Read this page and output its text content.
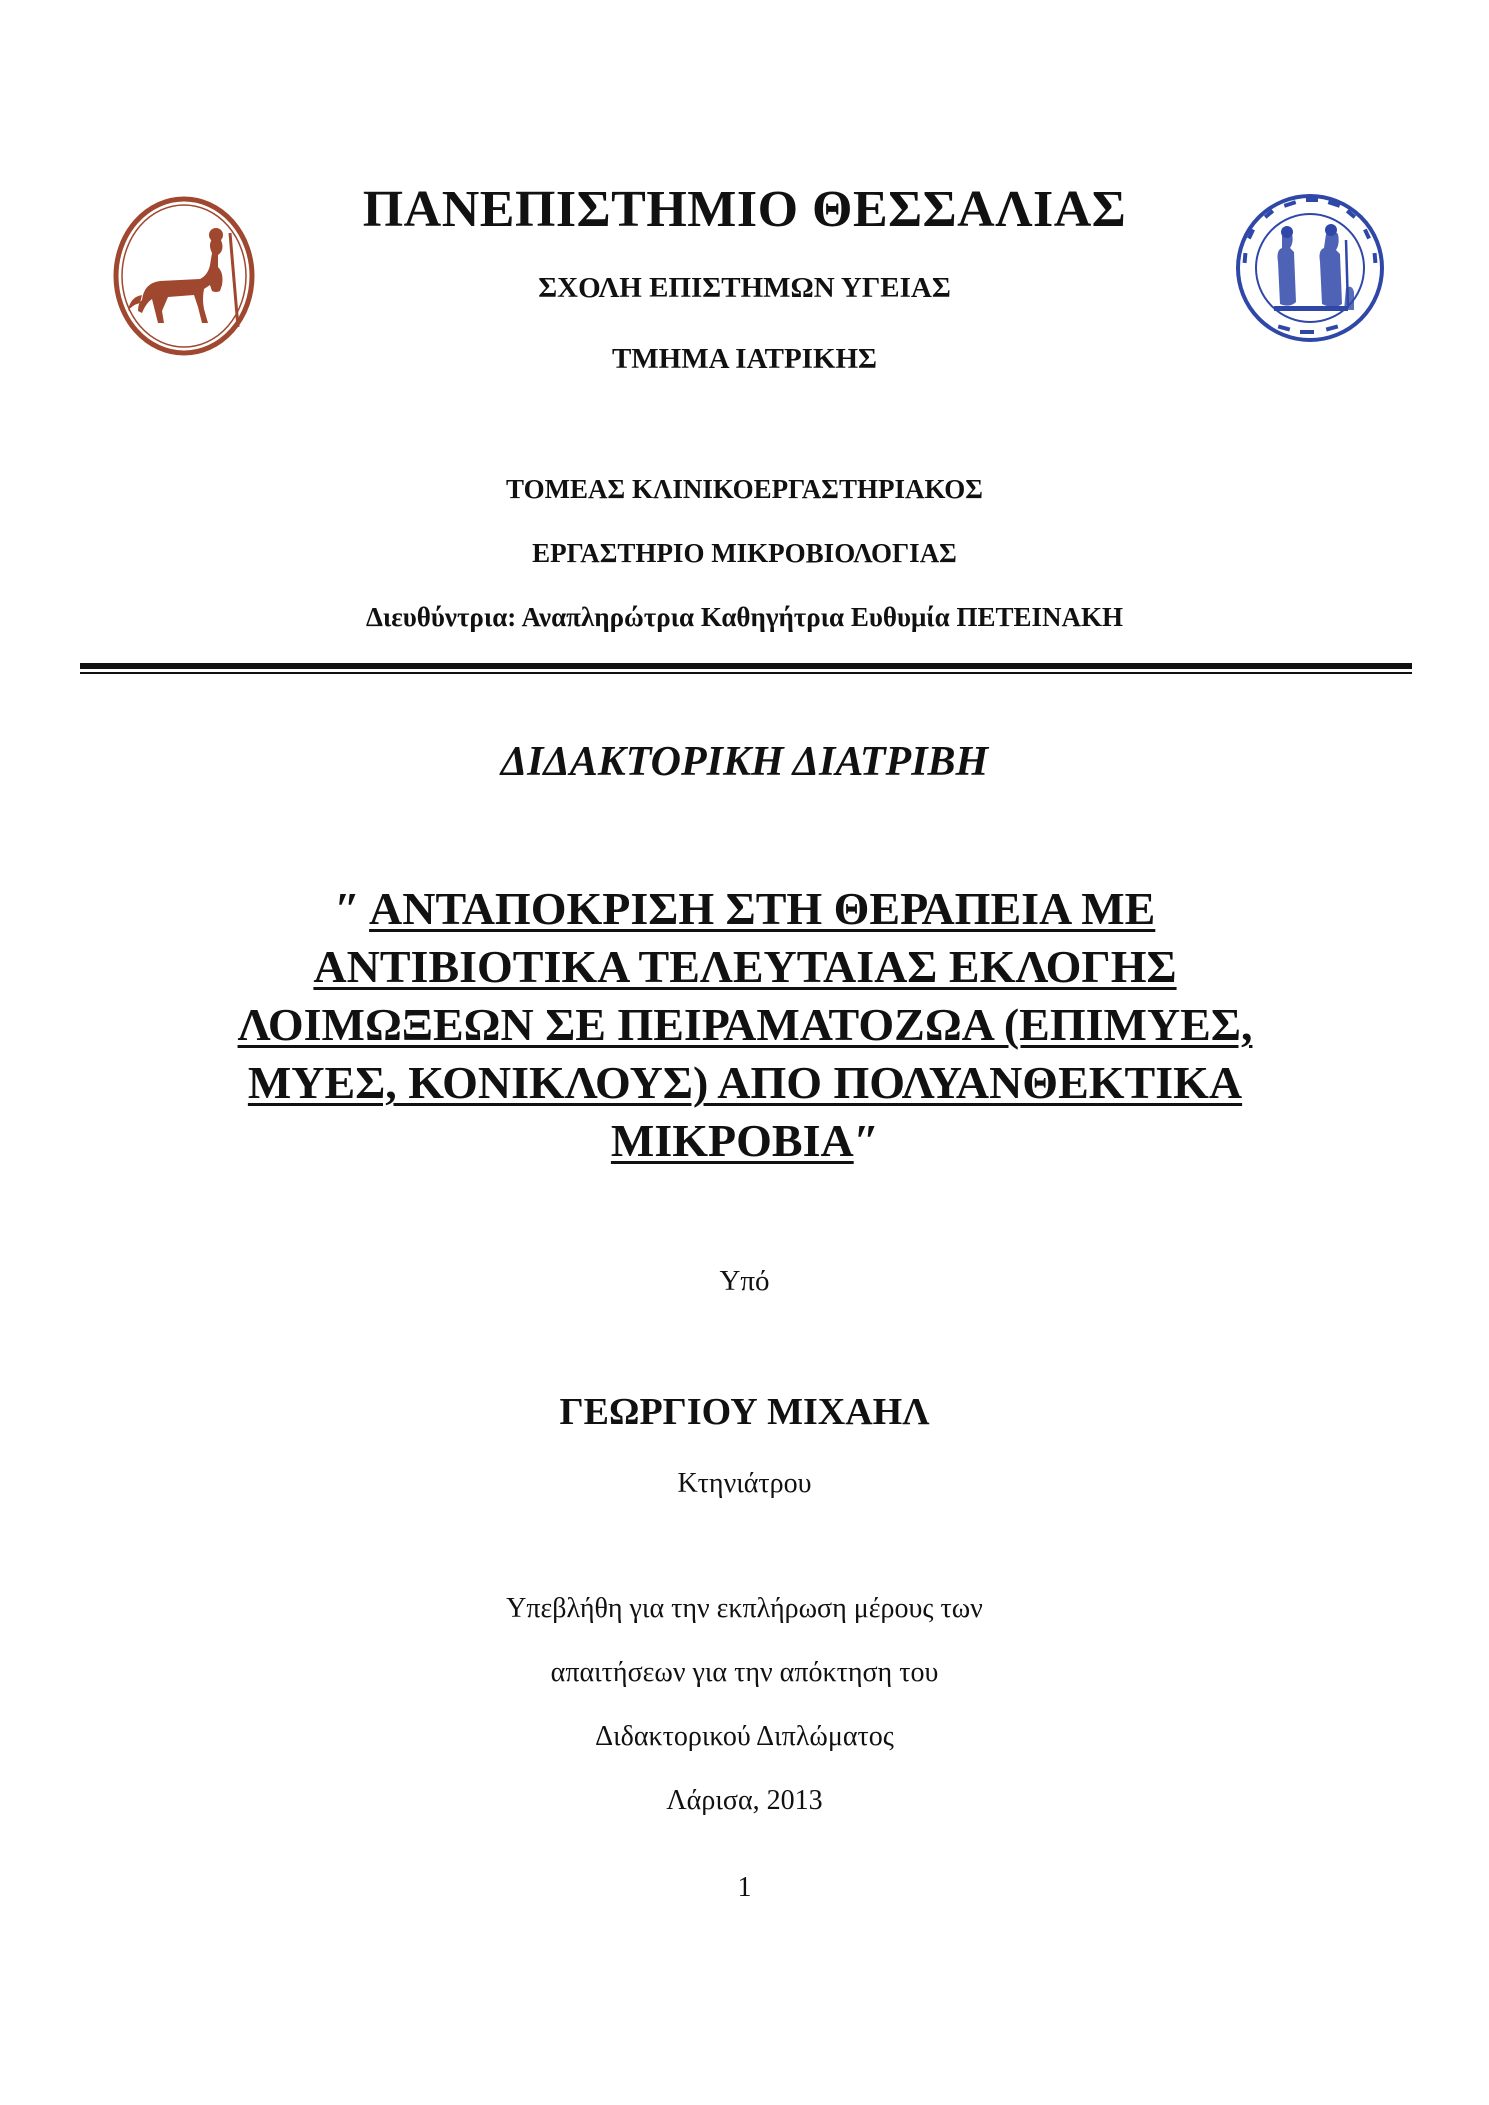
ΠΑΝΕΠΙΣΤΗΜΙΟ ΘΕΣΣΑΛΙΑΣ
ΣΧΟΛΗ ΕΠΙΣΤΗΜΩΝ ΥΓΕΙΑΣ
ΤΜΗΜΑ ΙΑΤΡΙΚΗΣ
ΤΟΜΕΑΣ ΚΛΙΝΙΚΟΕΡΓΑΣΤΗΡΙΑΚΟΣ
ΕΡΓΑΣΤΗΡΙΟ ΜΙΚΡΟΒΙΟΛΟΓΙΑΣ
Διευθύντρια: Αναπληρώτρια Καθηγήτρια Ευθυμία ΠΕΤΕΙΝΑΚΗ
ΔΙΔΑΚΤΟΡΙΚΗ ΔΙΑΤΡΙΒΗ
″ ΑΝΤΑΠΟΚΡΙΣΗ ΣΤΗ ΘΕΡΑΠΕΙΑ ΜΕ
ΑΝΤΙΒΙΟΤΙΚΑ ΤΕΛΕΥΤΑΙΑΣ ΕΚΛΟΓΗΣ
ΛΟΙΜΩΞΕΩΝ ΣΕ ΠΕΙΡΑΜΑΤΟΖΩΑ (ΕΠΙΜΥΕΣ,
ΜΥΕΣ, ΚΟΝΙΚΛΟΥΣ) ΑΠΟ ΠΟΛΥΑΝΘΕΚΤΙΚΑ
ΜΙΚΡΟΒΙΑ″
Υπό
ΓΕΩΡΓΙΟΥ ΜΙΧΑΗΛ
Κτηνιάτρου
Υπεβλήθη για την εκπλήρωση μέρους των
απαιτήσεων για την απόκτηση του
Διδακτορικού Διπλώματος
Λάρισα, 2013
1
